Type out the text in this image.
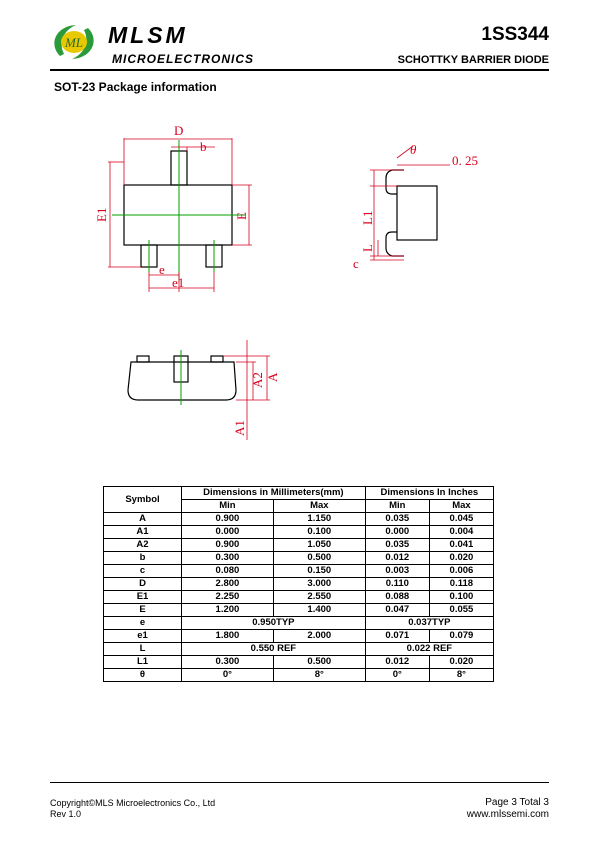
ML MLSM
MICROELECTRONICS
1SS344
SCHOTTKY BARRIER DIODE
SOT-23 Package information
D
b
E1	E
e
e1
θ
0. 25
L1
L
c
A2 A
A1
Symbol	Dimensions in Millimeters(mm)		Dimensions In Inches	
	Min	Max	Min	Max
A	0.900	1.150	0.035	0.045
A1	0.000	0.100	0.000	0.004
A2	0.900	1.050	0.035	0.041
b	0.300	0.500	0.012	0.020
c	0.080	0.150	0.003	0.006
D	2.800	3.000	0.110	0.118
E1	2.250	2.550	0.088	0.100
E	1.200	1.400	0.047	0.055
e	0.950TYP		0.037TYP	
e1	1.800	2.000	0.071	0.079
L	0.550 REF		0.022 REF	
L1	0.300	0.500	0.012	0.020
θ	0°	8°	0°	8°
Copyright©MLS Microelectronics Co., Ltd
Rev 1.0
Page 3 Total 3
www.mlssemi.com
